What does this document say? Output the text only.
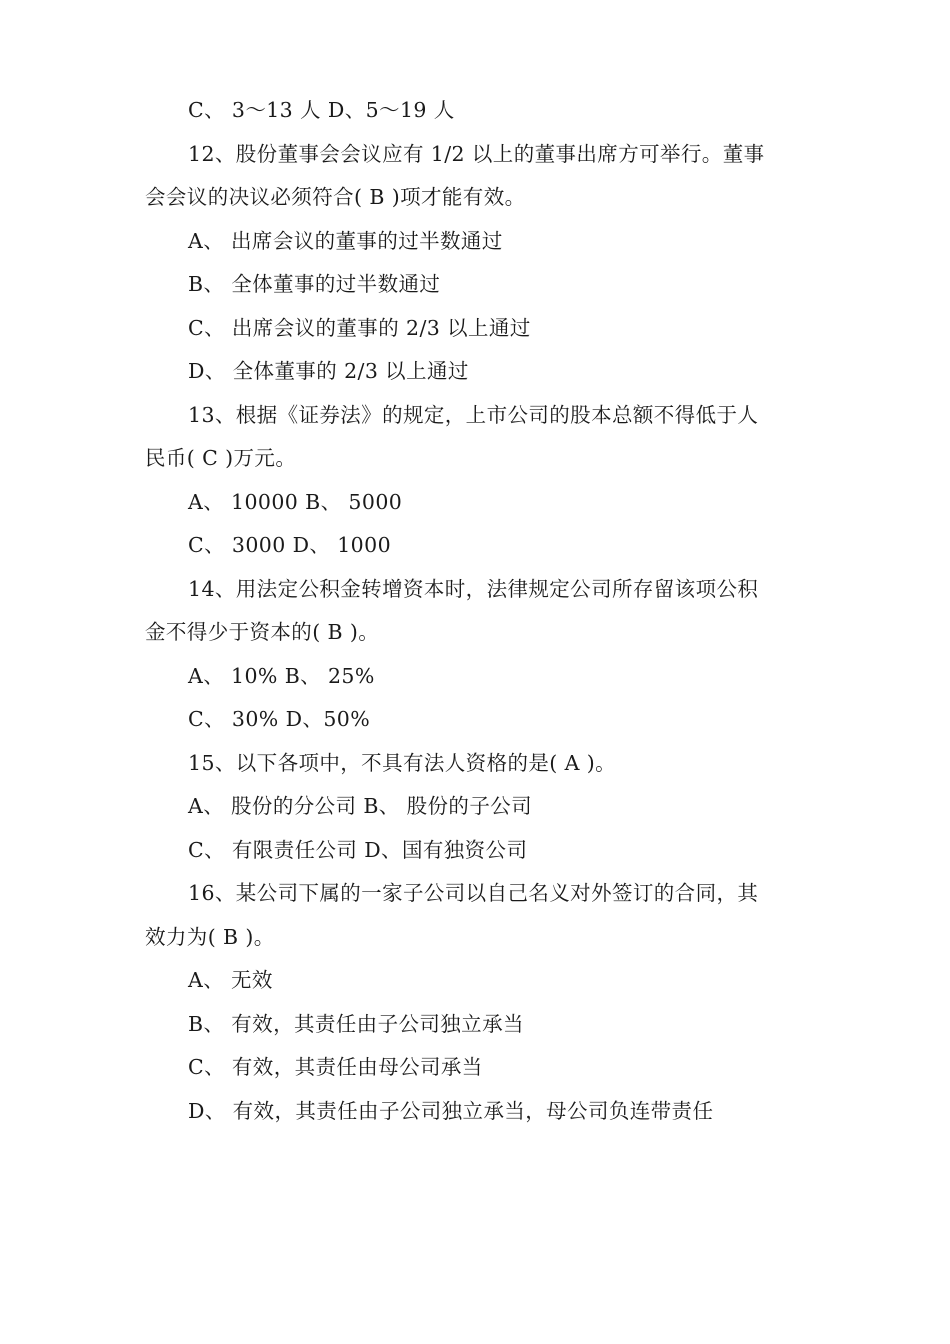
C、 3～13 人 D、5～19 人
12、股份董事会会议应有 1/2 以上的董事出席方可举行。董事
会会议的决议必须符合( B )项才能有效。
A、 出席会议的董事的过半数通过
B、 全体董事的过半数通过
C、 出席会议的董事的 2/3 以上通过
D、 全体董事的 2/3 以上通过
13、根据《证券法》的规定，上市公司的股本总额不得低于人
民币( C )万元。
A、 10000 B、 5000
C、 3000 D、 1000
14、用法定公积金转增资本时，法律规定公司所存留该项公积
金不得少于资本的( B )。
A、 10% B、 25%
C、 30% D、50%
15、以下各项中，不具有法人资格的是( A )。
A、 股份的分公司 B、 股份的子公司
C、 有限责任公司 D、国有独资公司
16、某公司下属的一家子公司以自己名义对外签订的合同，其
效力为( B )。
A、 无效
B、 有效，其责任由子公司独立承当
C、 有效，其责任由母公司承当
D、 有效，其责任由子公司独立承当，母公司负连带责任
